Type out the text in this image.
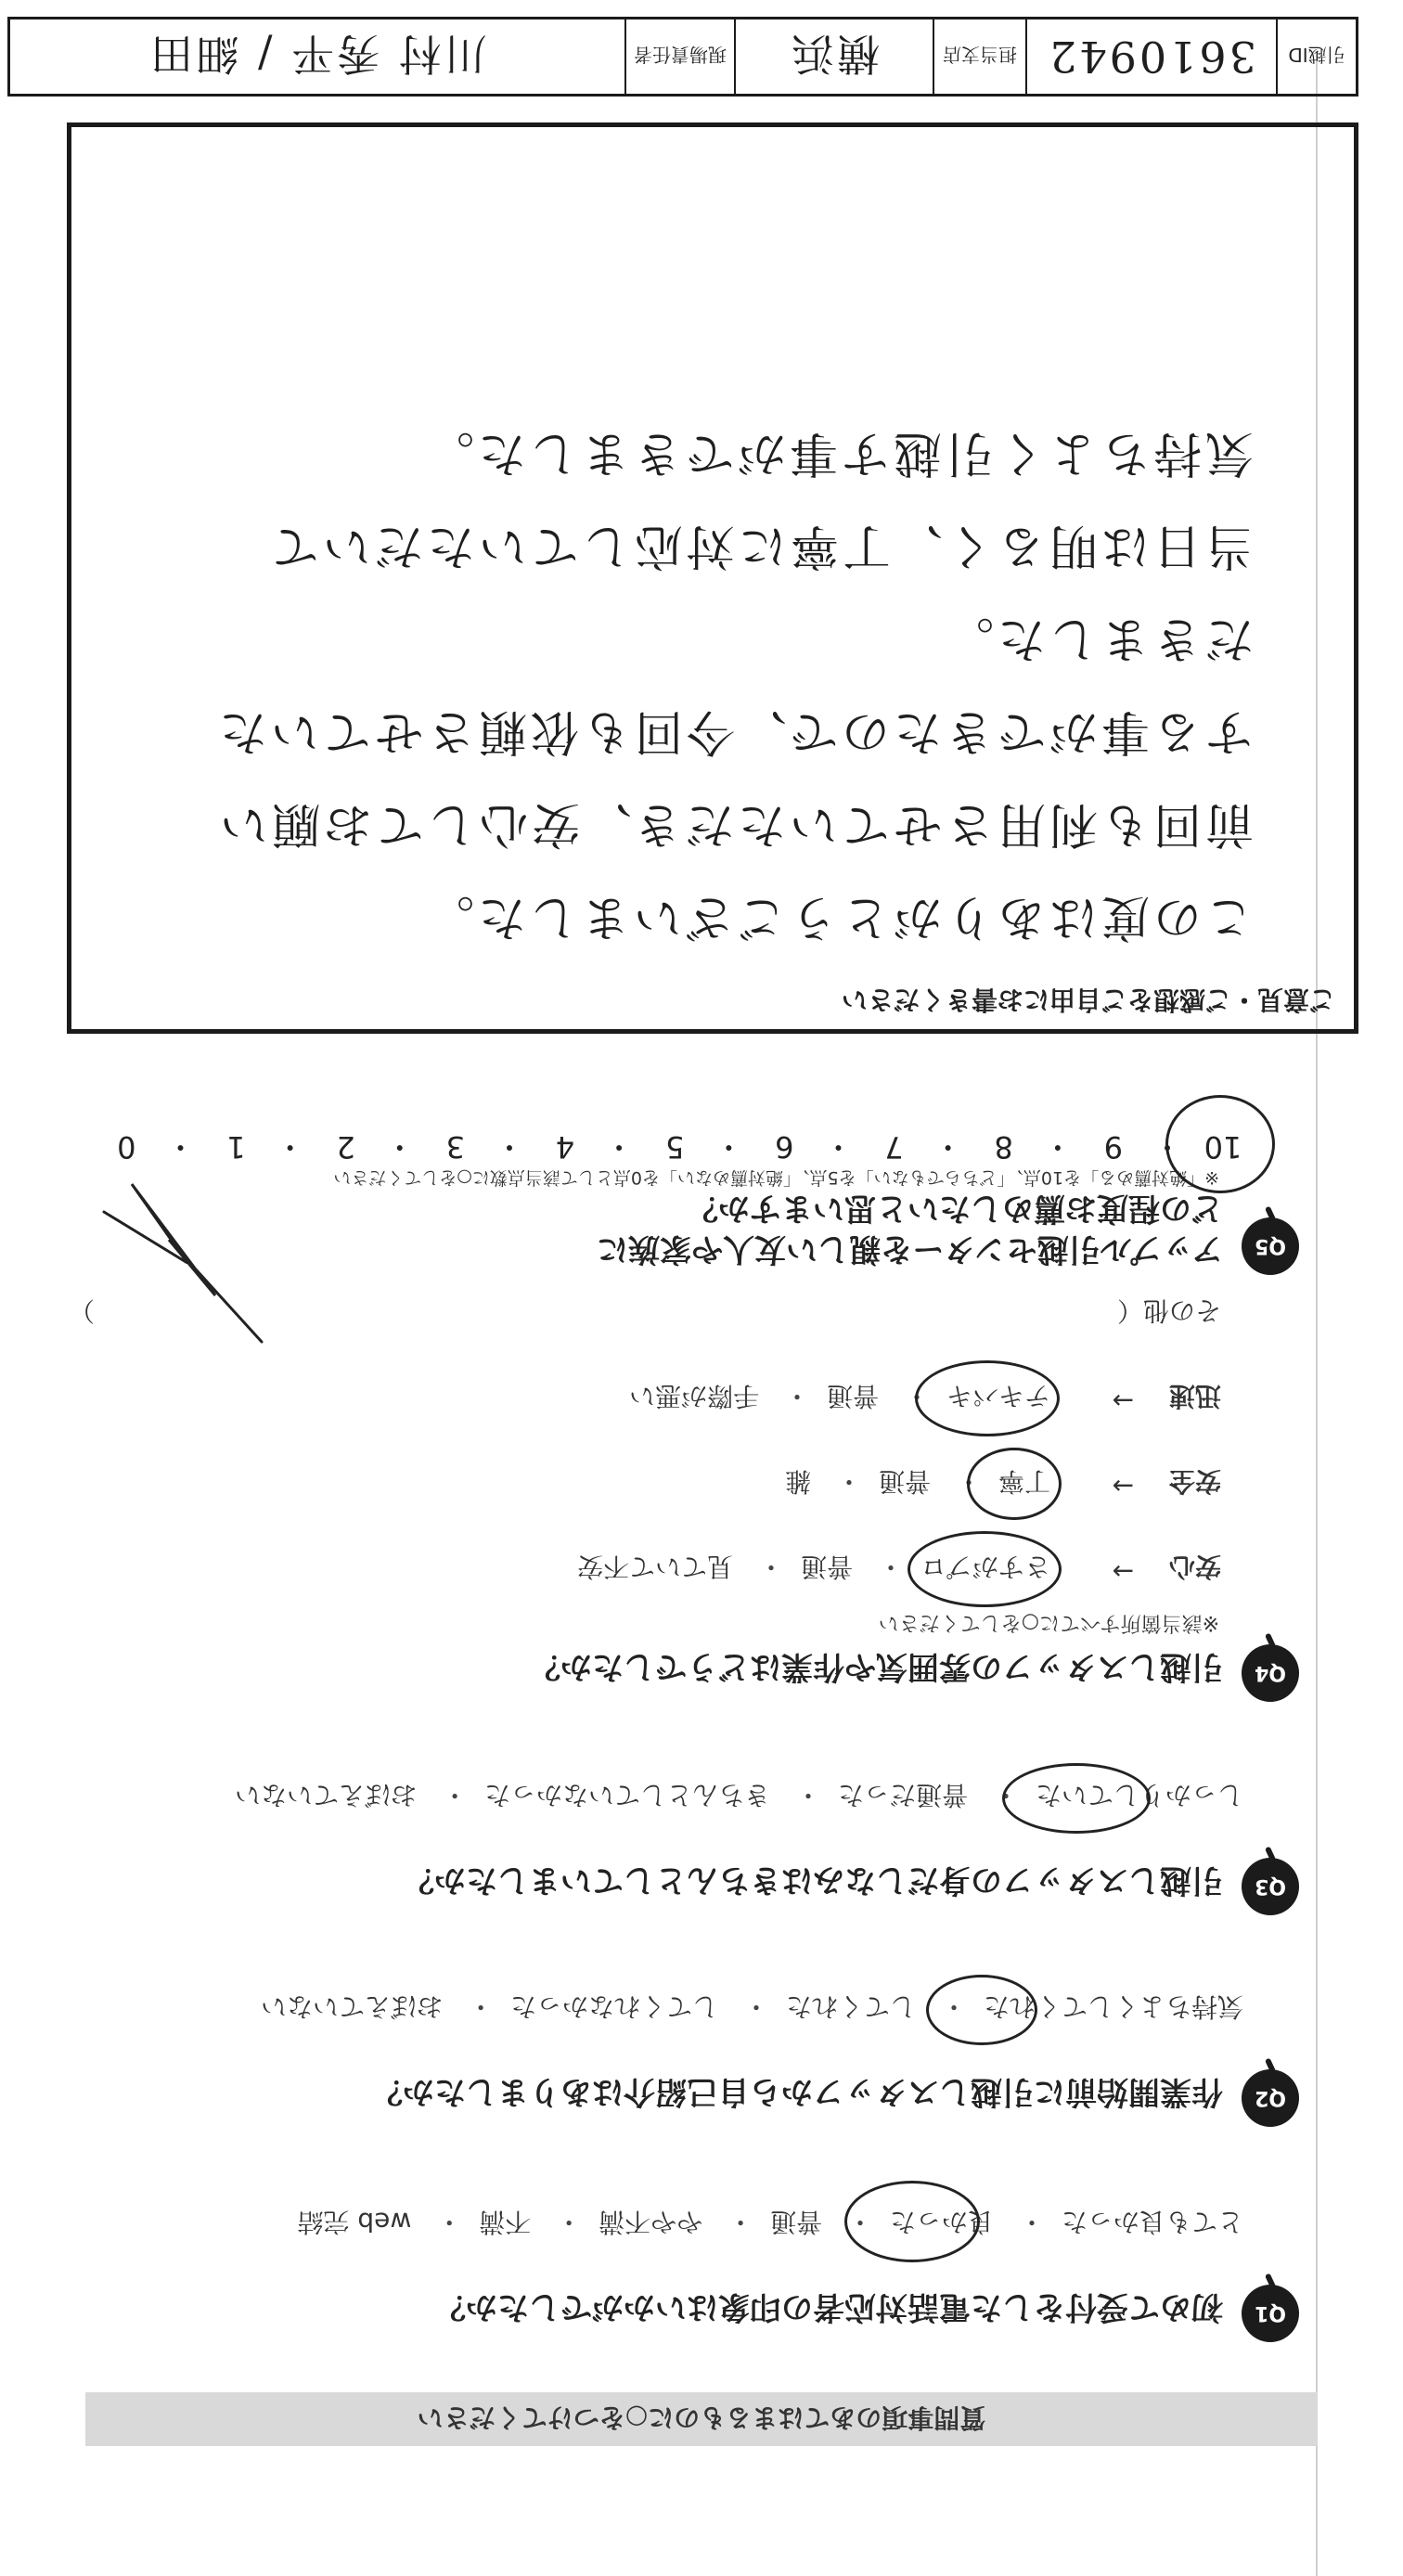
質問事項のあてはまるものに○をつけてください
Q1
初めて受付をした電話対応者の印象はいかがでしたか？
とても良かった・ 良かった・ 普通・ やや不満・ 不満・ web 完結
Q2
作業開始前に引越しスタッフから自己紹介はありましたか？
気持ちよくしてくれた・ してくれた・ してくれなかった・ おぼえていない
Q3
引越しスタッフの身だしなみはきちんとしていましたか？
しっかりしていた・ 普通だった・ きちんとしていなかった・ おぼえていない
Q4
引越しスタッフの雰囲気や作業はどうでしたか？
※該当箇所すべてに○をしてください
安心
→
さすがプロ・ 普通・ 見ていて不安
安全
→
丁寧・ 普通・ 雑
迅速
→
テキパキ・ 普通・ 手際が悪い
その他（
）
Q5
アップル引越センターを親しい友人や家族に
どの程度お薦めしたいと思いますか？
※「絶対薦める」を10点、「どちらでもない」を5点、「絶対薦めない」を0点として該当点数に○をしてください
10・ 9・ 8・ 7・ 6・ 5・ 4・ 3・ 2・ 1・ 0
ご意見・ご感想をご自由にお書きください
この度はありがとうございました。
前回も利用させていただき、安心してお願い
する事ができたので、今回も依頼させていた
だきました。
当日は明るく、丁寧に対応していただいて
気持ちよく引越す事ができました。
引越ID
3610942
担当支店
横浜
現場責任者
川村 秀平 / 細田
